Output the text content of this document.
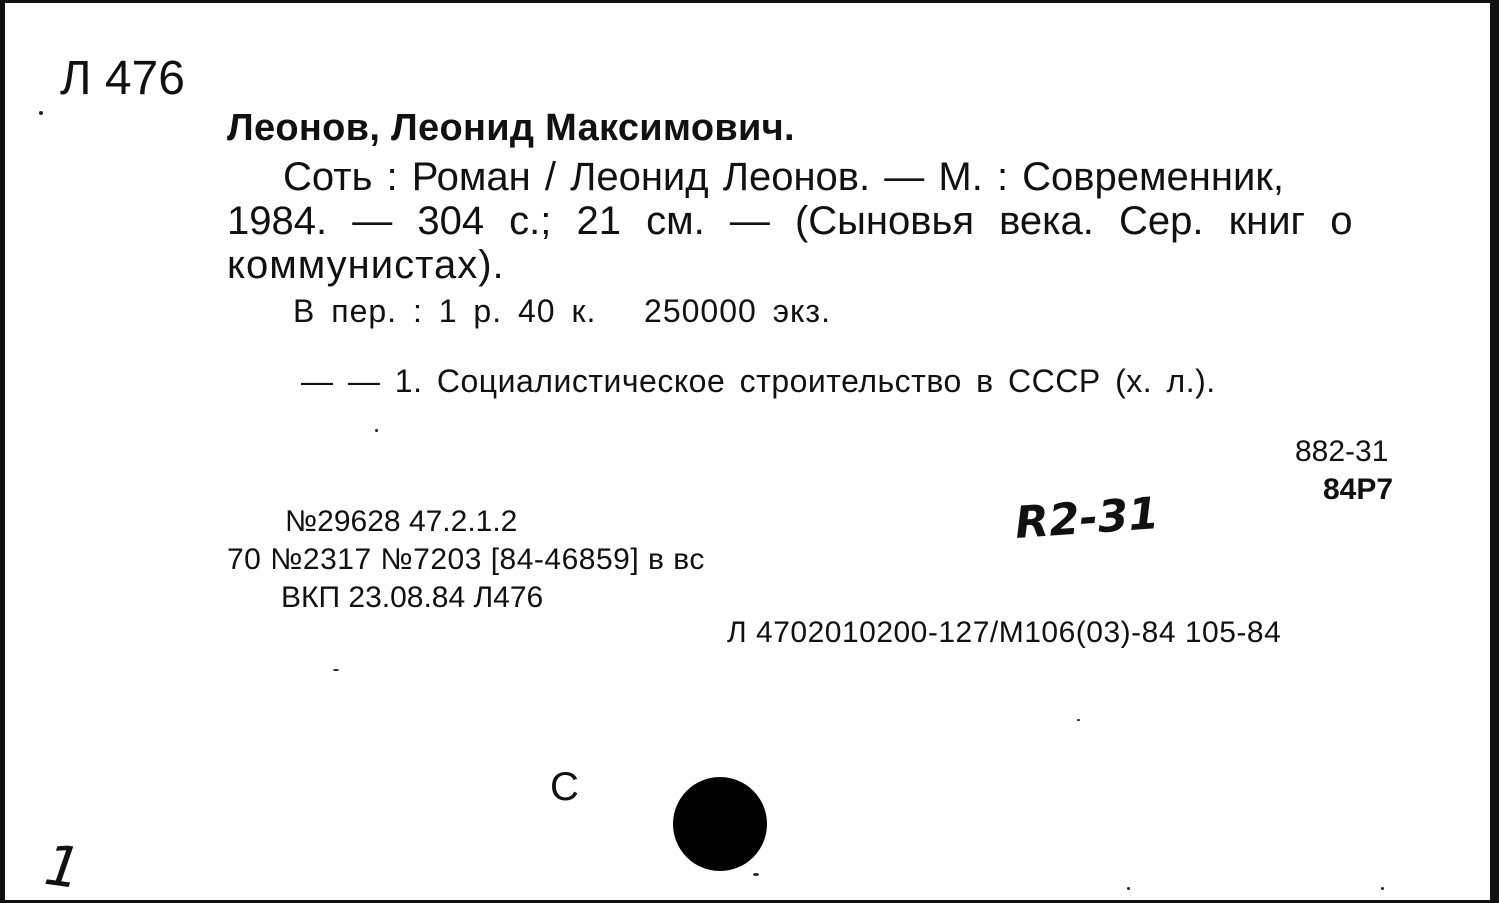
Л 476
Леонов, Леонид Максимович.
Соть : Роман / Леонид Леонов. — М. : Современник,
1984. — 304 с.; 21 см. — (Сыновья века. Сер. книг о
коммунистах).
В пер. : 1 р. 40 к.   250000 экз.
— — 1. Социалистическое строительство в СССР (х. л.).
882-31
84Р7
№29628 47.2.1.2
70 №2317 №7203 [84-46859] в вс
ВКП 23.08.84 Л476
Л 4702010200-127/М106(03)-84 105-84
R2-31
С
1
